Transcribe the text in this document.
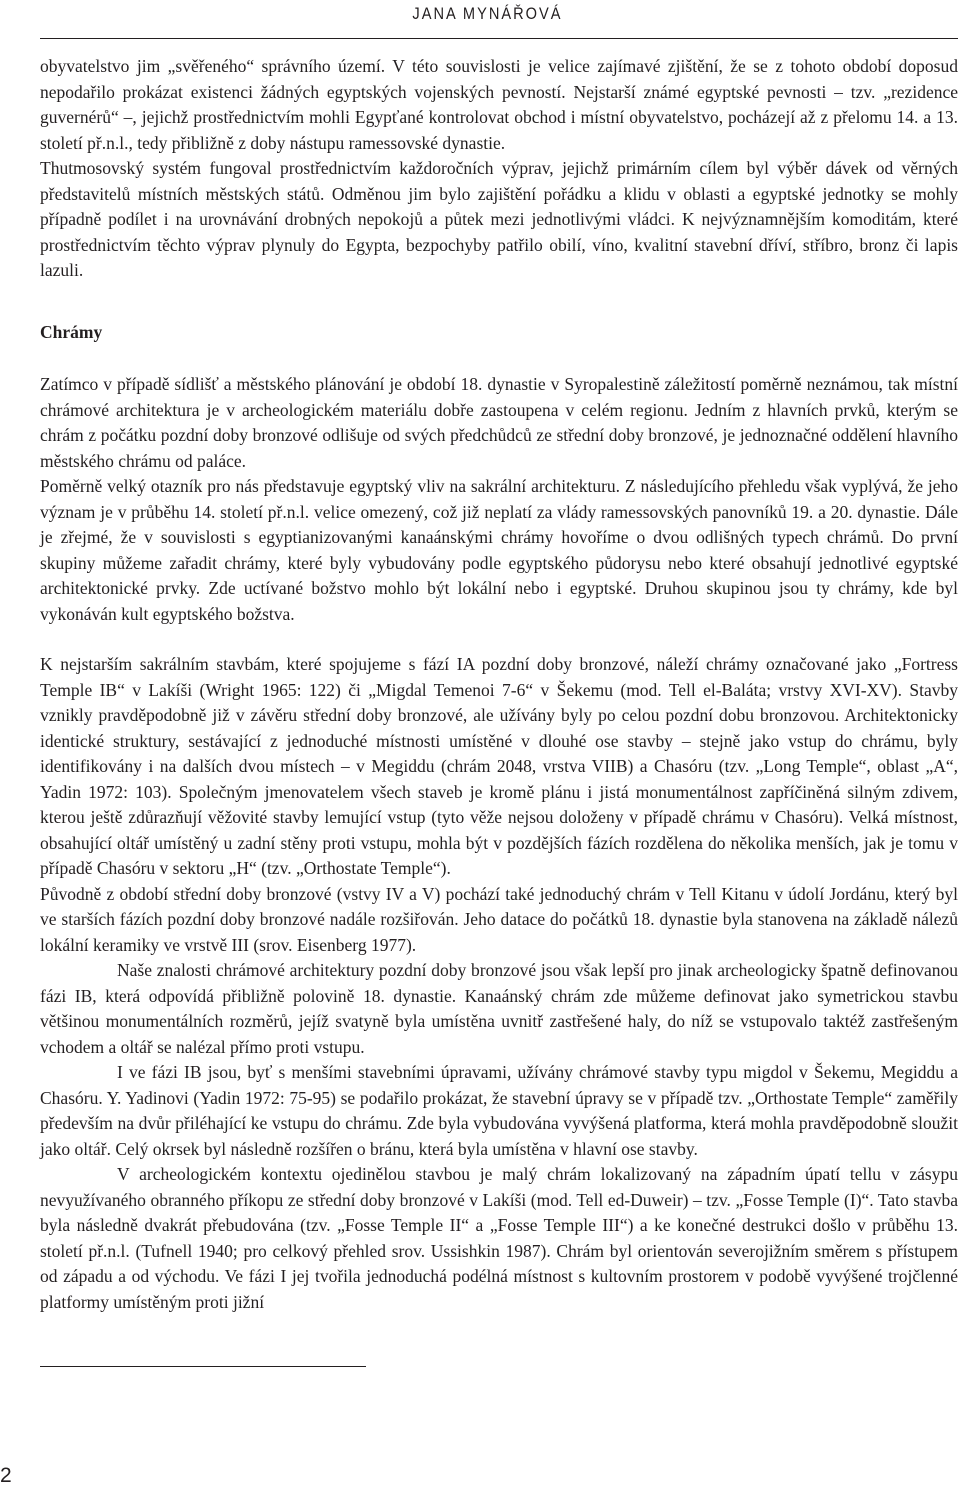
JANA MYNÁŘOVÁ

obyvatelstvo jim „svěřeného“ správního území. V této souvislosti je velice zajímavé zjištění, že se z tohoto období doposud nepodařilo prokázat existenci žádných egyptských vojenských pevností. Nejstarší známé egyptské pevnosti – tzv. „rezidence guvernérů“ –, jejichž prostřednictvím mohli Egypťané kontrolovat obchod i místní obyvatelstvo, pocházejí až z přelomu 14. a 13. století př.n.l., tedy přibližně z doby nástupu ramessovské dynastie.

Thutmosovský systém fungoval prostřednictvím každoročních výprav, jejichž primárním cílem byl výběr dávek od věrných představitelů místních městských států. Odměnou jim bylo zajištění pořádku a klidu v oblasti a egyptské jednotky se mohly případně podílet i na urovnávání drobných nepokojů a půtek mezi jednotlivými vládci. K nejvýznamnějším komoditám, které prostřednictvím těchto výprav plynuly do Egypta, bezpochyby patřilo obilí, víno, kvalitní stavební dříví, stříbro, bronz či lapis lazuli.

Chrámy

Zatímco v případě sídlišť a městského plánování je období 18. dynastie v Syropalestině záležitostí poměrně neznámou, tak místní chrámové architektura je v archeologickém materiálu dobře zastoupena v celém regionu. Jedním z hlavních prvků, kterým se chrám z počátku pozdní doby bronzové odlišuje od svých předchůdců ze střední doby bronzové, je jednoznačné oddělení hlavního městského chrámu od paláce.

Poměrně velký otazník pro nás představuje egyptský vliv na sakrální architekturu. Z následujícího přehledu však vyplývá, že jeho význam je v průběhu 14. století př.n.l. velice omezený, což již neplatí za vlády ramessovských panovníků 19. a 20. dynastie. Dále je zřejmé, že v souvislosti s egyptianizovanými kanaánskými chrámy hovoříme o dvou odlišných typech chrámů. Do první skupiny můžeme zařadit chrámy, které byly vybudovány podle egyptského půdorysu nebo které obsahují jednotlivé egyptské architektonické prvky. Zde uctívané božstvo mohlo být lokální nebo i egyptské. Druhou skupinou jsou ty chrámy, kde byl vykonáván kult egyptského božstva.

K nejstarším sakrálním stavbám, které spojujeme s fází IA pozdní doby bronzové, náleží chrámy označované jako „Fortress Temple IB“ v Lakíši (Wright 1965: 122) či „Migdal Temenoi 7-6“ v Šekemu (mod. Tell el-Baláta; vrstvy XVI-XV). Stavby vznikly pravděpodobně již v závěru střední doby bronzové, ale užívány byly po celou pozdní dobu bronzovou. Architektonicky identické struktury, sestávající z jednoduché místnosti umístěné v dlouhé ose stavby – stejně jako vstup do chrámu, byly identifikovány i na dalších dvou místech – v Megiddu (chrám 2048, vrstva VIIB) a Chasóru (tzv. „Long Temple“, oblast „A“, Yadin 1972: 103). Společným jmenovatelem všech staveb je kromě plánu i jistá monumentálnost zapříčiněná silným zdivem, kterou ještě zdůrazňují věžovité stavby lemující vstup (tyto věže nejsou doloženy v případě chrámu v Chasóru). Velká místnost, obsahující oltář umístěný u zadní stěny proti vstupu, mohla být v pozdějších fázích rozdělena do několika menších, jak je tomu v případě Chasóru v sektoru „H“ (tzv. „Orthostate Temple“).

Původně z období střední doby bronzové (vstvy IV a V) pochází také jednoduchý chrám v Tell Kitanu v údolí Jordánu, který byl ve starších fázích pozdní doby bronzové nadále rozšiřován. Jeho datace do počátků 18. dynastie byla stanovena na základě nálezů lokální keramiky ve vrstvě III (srov. Eisenberg 1977).

Naše znalosti chrámové architektury pozdní doby bronzové jsou však lepší pro jinak archeologicky špatně definovanou fázi IB, která odpovídá přibližně polovině 18. dynastie. Kanaánský chrám zde můžeme definovat jako symetrickou stavbu většinou monumentálních rozměrů, jejíž svatyně byla umístěna uvnitř zastřešené haly, do níž se vstupovalo taktéž zastřešeným vchodem a oltář se nalézal přímo proti vstupu.

I ve fázi IB jsou, byť s menšími stavebními úpravami, užívány chrámové stavby typu migdol v Šekemu, Megiddu a Chasóru. Y. Yadinovi (Yadin 1972: 75-95) se podařilo prokázat, že stavební úpravy se v případě tzv. „Orthostate Temple“ zaměřily především na dvůr přiléhající ke vstupu do chrámu. Zde byla vybudována vyvýšená platforma, která mohla pravděpodobně sloužit jako oltář. Celý okrsek byl následně rozšířen o bránu, která byla umístěna v hlavní ose stavby.

V archeologickém kontextu ojedinělou stavbou je malý chrám lokalizovaný na západním úpatí tellu v zásypu nevyužívaného obranného příkopu ze střední doby bronzové v Lakíši (mod. Tell ed-Duweir) – tzv. „Fosse Temple (I)“. Tato stavba byla následně dvakrát přebudována (tzv. „Fosse Temple II“ a „Fosse Temple III“) a ke konečné destrukci došlo v průběhu 13. století př.n.l. (Tufnell 1940; pro celkový přehled srov. Ussishkin 1987). Chrám byl orientován severojižním směrem s přístupem od západu a od východu. Ve fázi I jej tvořila jednoduchá podélná místnost s kultovním prostorem v podobě vyvýšené trojčlenné platformy umístěným proti jižní

2
